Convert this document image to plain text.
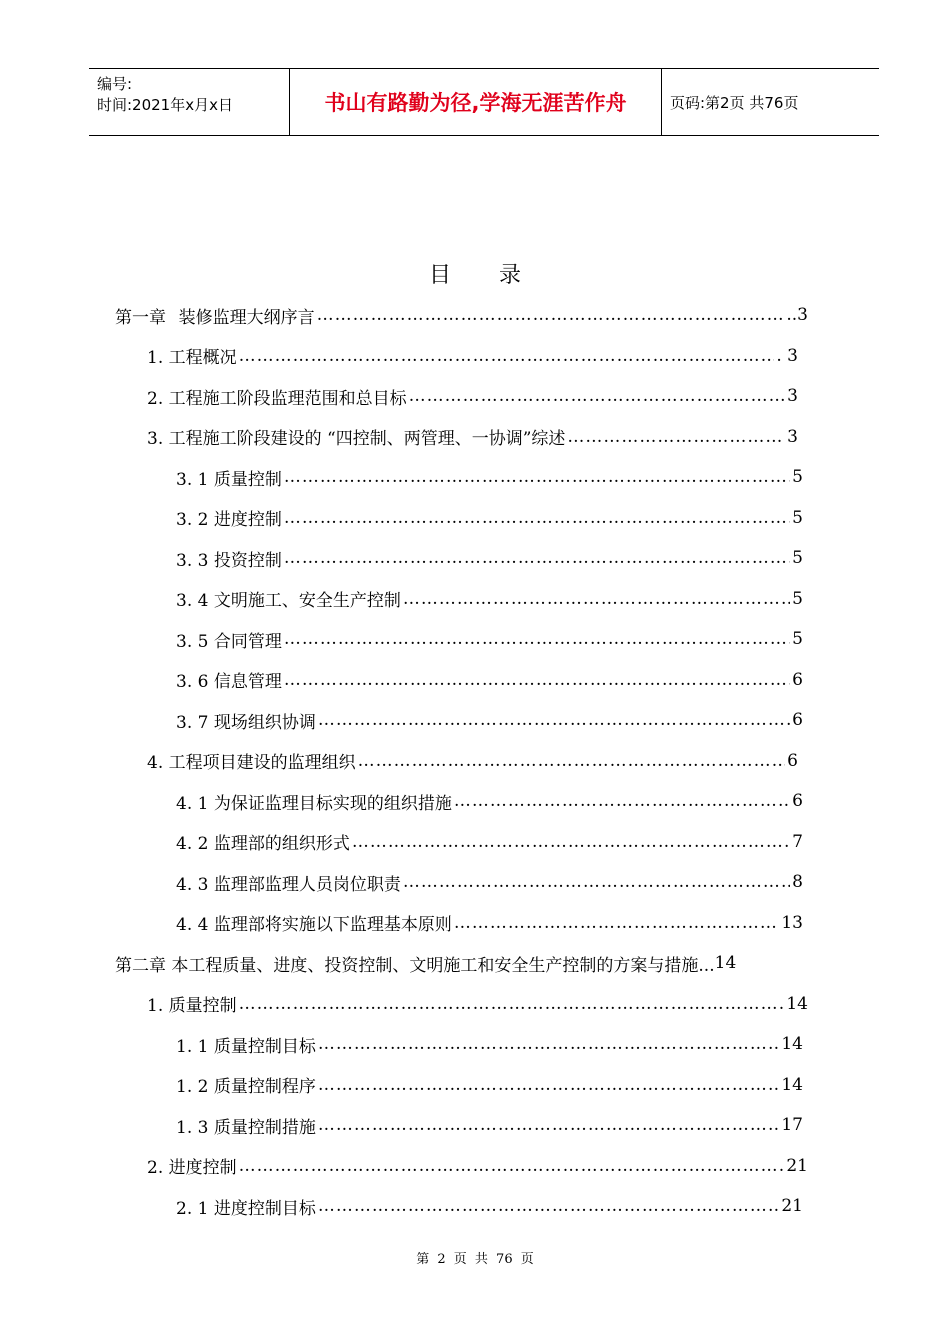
编号:
时间:2021年x月x日	书山有路勤为径,学海无涯苦作舟	页码:第2页 共76页
目录
第一章 装修监理大纲序言 …………………………………………………………………………………………………………………………………………………………………………………………	..3
1. 工程概况 …………………………………………………………………………………………………………………………………………………………………………………………	. 3
2. 工程施工阶段监理范围和总目标 …………………………………………………………………………………………………………………………………………………………………………………………	3
3. 工程施工阶段建设的 “四控制、两管理、一协调”综述 …………………………………………………………………………………………………………………………………………………………………………………………	3
3. 1 质量控制 …………………………………………………………………………………………………………………………………………………………………………………………	5
3. 2 进度控制 …………………………………………………………………………………………………………………………………………………………………………………………	5
3. 3 投资控制 …………………………………………………………………………………………………………………………………………………………………………………………	5
3. 4 文明施工、安全生产控制 …………………………………………………………………………………………………………………………………………………………………………………………	5
3. 5 合同管理 …………………………………………………………………………………………………………………………………………………………………………………………	5
3. 6 信息管理 …………………………………………………………………………………………………………………………………………………………………………………………	6
3. 7 现场组织协调 …………………………………………………………………………………………………………………………………………………………………………………………	6
4. 工程项目建设的监理组织 …………………………………………………………………………………………………………………………………………………………………………………………	6
4. 1 为保证监理目标实现的组织措施 …………………………………………………………………………………………………………………………………………………………………………………………	6
4. 2 监理部的组织形式 …………………………………………………………………………………………………………………………………………………………………………………………	7
4. 3 监理部监理人员岗位职责 …………………………………………………………………………………………………………………………………………………………………………………………	8
4. 4 监理部将实施以下监理基本原则 …………………………………………………………………………………………………………………………………………………………………………………………	13
第二章 本工程质量、进度、投资控制、文明施工和安全生产控制的方案与措施... 14
1. 质量控制 …………………………………………………………………………………………………………………………………………………………………………………………	14
1. 1 质量控制目标 …………………………………………………………………………………………………………………………………………………………………………………………	14
1. 2 质量控制程序 …………………………………………………………………………………………………………………………………………………………………………………………	14
1. 3 质量控制措施 …………………………………………………………………………………………………………………………………………………………………………………………	17
2. 进度控制 …………………………………………………………………………………………………………………………………………………………………………………………	21
2. 1 进度控制目标 …………………………………………………………………………………………………………………………………………………………………………………………	21
第 2 页 共 76 页
